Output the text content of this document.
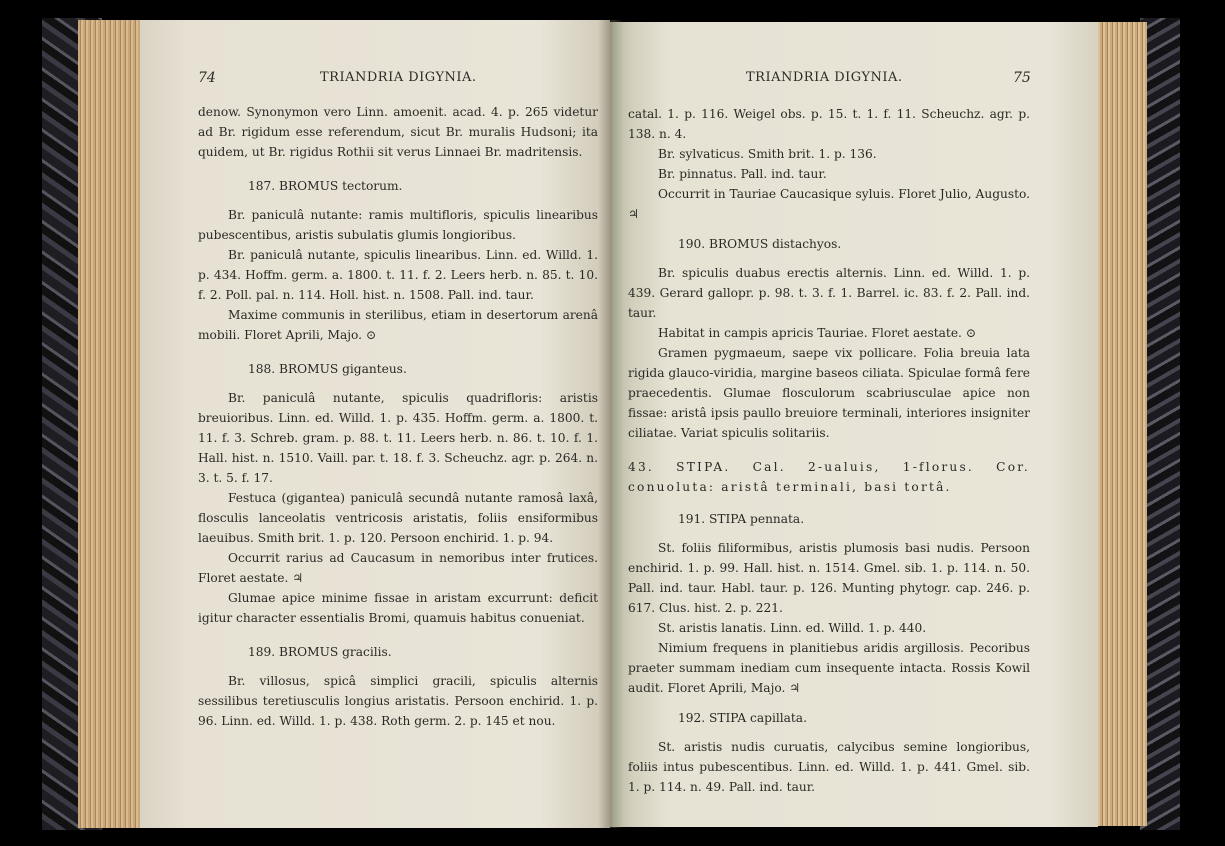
74	TRIANDRIA DIGYNIA.	TRIANDRIA DIGYNIA.	75

denow. Synonymon vero Linn. amoenit. acad. 4. p. 265 videtur ad Br. rigidum esse referendum, sicut Br. muralis Hudsoni; ita quidem, ut Br. rigidus Rothii sit verus Linnaei Br. madritensis.

187. BROMUS tectorum.

Br. paniculâ nutante: ramis multifloris, spiculis linearibus pubescentibus, aristis subulatis glumis longioribus.

Br. paniculâ nutante, spiculis linearibus. Linn. ed. Willd. 1. p. 434. Hoffm. germ. a. 1800. t. 11. f. 2. Leers herb. n. 85. t. 10. f. 2. Poll. pal. n. 114. Holl. hist. n. 1508. Pall. ind. taur.

Maxime communis in sterilibus, etiam in desertorum arenâ mobili. Floret Aprili, Majo. ⊙

188. BROMUS giganteus.

Br. paniculâ nutante, spiculis quadrifloris: aristis breuioribus. Linn. ed. Willd. 1. p. 435. Hoffm. germ. a. 1800. t. 11. f. 3. Schreb. gram. p. 88. t. 11. Leers herb. n. 86. t. 10. f. 1. Hall. hist. n. 1510. Vaill. par. t. 18. f. 3. Scheuchz. agr. p. 264. n. 3. t. 5. f. 17.

Festuca (gigantea) paniculâ secundâ nutante ramosâ laxâ, flosculis lanceolatis ventricosis aristatis, foliis ensiformibus laeuibus. Smith brit. 1. p. 120. Persoon enchirid. 1. p. 94.

Occurrit rarius ad Caucasum in nemoribus inter frutices. Floret aestate. ♃

Glumae apice minime fissae in aristam excurrunt: deficit igitur character essentialis Bromi, quamuis habitus conueniat.

189. BROMUS gracilis.

Br. villosus, spicâ simplici gracili, spiculis alternis sessilibus teretiusculis longius aristatis. Persoon enchirid. 1. p. 96. Linn. ed. Willd. 1. p. 438. Roth germ. 2. p. 145 et nou.

catal. 1. p. 116. Weigel obs. p. 15. t. 1. f. 11. Scheuchz. agr. p. 138. n. 4.

Br. sylvaticus. Smith brit. 1. p. 136.

Br. pinnatus. Pall. ind. taur.

Occurrit in Tauriae Caucasique syluis. Floret Julio, Augusto. ♃

190. BROMUS distachyos.

Br. spiculis duabus erectis alternis. Linn. ed. Willd. 1. p. 439. Gerard gallopr. p. 98. t. 3. f. 1. Barrel. ic. 83. f. 2. Pall. ind. taur.

Habitat in campis apricis Tauriae. Floret aestate. ⊙

Gramen pygmaeum, saepe vix pollicare. Folia breuia lata rigida glauco-viridia, margine baseos ciliata. Spiculae formâ fere praecedentis. Glumae flosculorum scabriusculae apice non fissae: aristâ ipsis paullo breuiore terminali, interiores insigniter ciliatae. Variat spiculis solitariis.

43. STIPA. Cal. 2-ualuis, 1-florus. Cor. conuoluta: aristâ terminali, basi tortâ.

191. STIPA pennata.

St. foliis filiformibus, aristis plumosis basi nudis. Persoon enchirid. 1. p. 99. Hall. hist. n. 1514. Gmel. sib. 1. p. 114. n. 50. Pall. ind. taur. Habl. taur. p. 126. Munting phytogr. cap. 246. p. 617. Clus. hist. 2. p. 221.

St. aristis lanatis. Linn. ed. Willd. 1. p. 440.

Nimium frequens in planitiebus aridis argillosis. Pecoribus praeter summam inediam cum insequente intacta. Rossis Kowil audit. Floret Aprili, Majo. ♃

192. STIPA capillata.

St. aristis nudis curuatis, calycibus semine longioribus, foliis intus pubescentibus. Linn. ed. Willd. 1. p. 441. Gmel. sib. 1. p. 114. n. 49. Pall. ind. taur.
